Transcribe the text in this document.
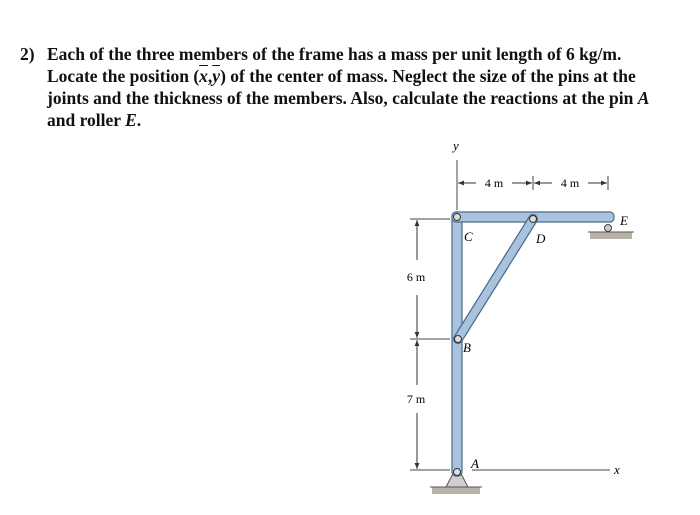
2) Each of the three members of the frame has a mass per unit length of 6 kg/m.
Locate the position $(\overline{x},\overline{y})$ of the center of mass. Neglect the size of the pins at the
joints and the thickness of the members. Also, calculate the reactions at the pin A
and roller E.
y
x
A
B
C	D
E
4 m	4 m
6 m
7 m
